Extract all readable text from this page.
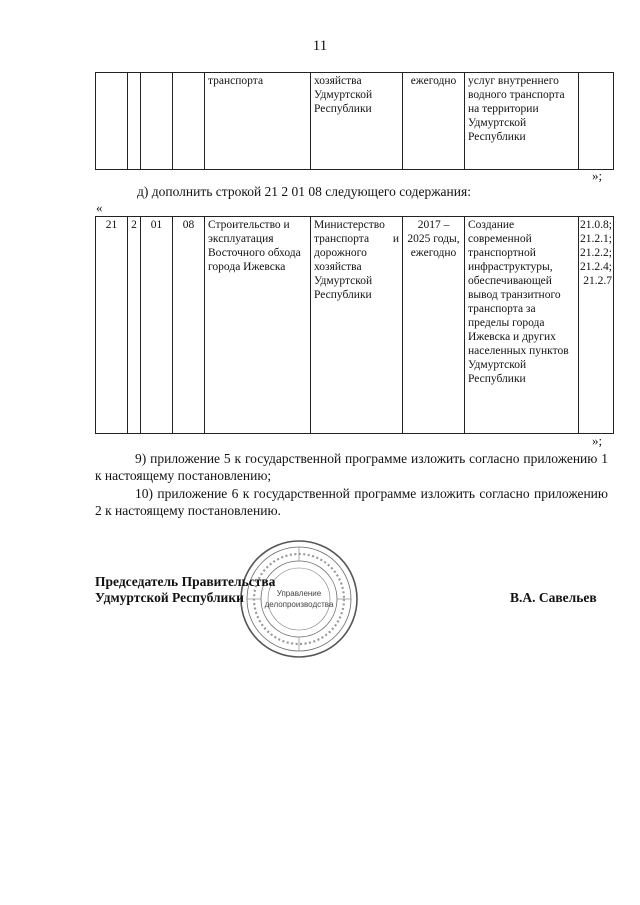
11
				транспорта	хозяйства Удмуртской Республики	ежегодно	услуг внутреннего водного транспорта на территории Удмуртской Республики	
»;
д) дополнить строкой 21 2 01 08 следующего содержания:
«
21	2	01	08	Строительство и эксплуатация Восточного обхода города Ижевска	Министерство транспорта и дорожного хозяйства Удмуртской Республики	2017 – 2025 годы, ежегодно	Создание современной транспортной инфраструктуры, обеспечивающей вывод транзитного транспорта за пределы города Ижевска и других населенных пунктов Удмуртской Республики	21.0.8; 21.2.1; 21.2.2; 21.2.4; 21.2.7
»;
9) приложение 5 к государственной программе изложить согласно приложению 1 к настоящему постановлению;
10) приложение 6 к государственной программе изложить согласно приложению 2 к настоящему постановлению.
Управление
делопроизводства
Председатель Правительства
Удмуртской Республики	В.А. Савельев
